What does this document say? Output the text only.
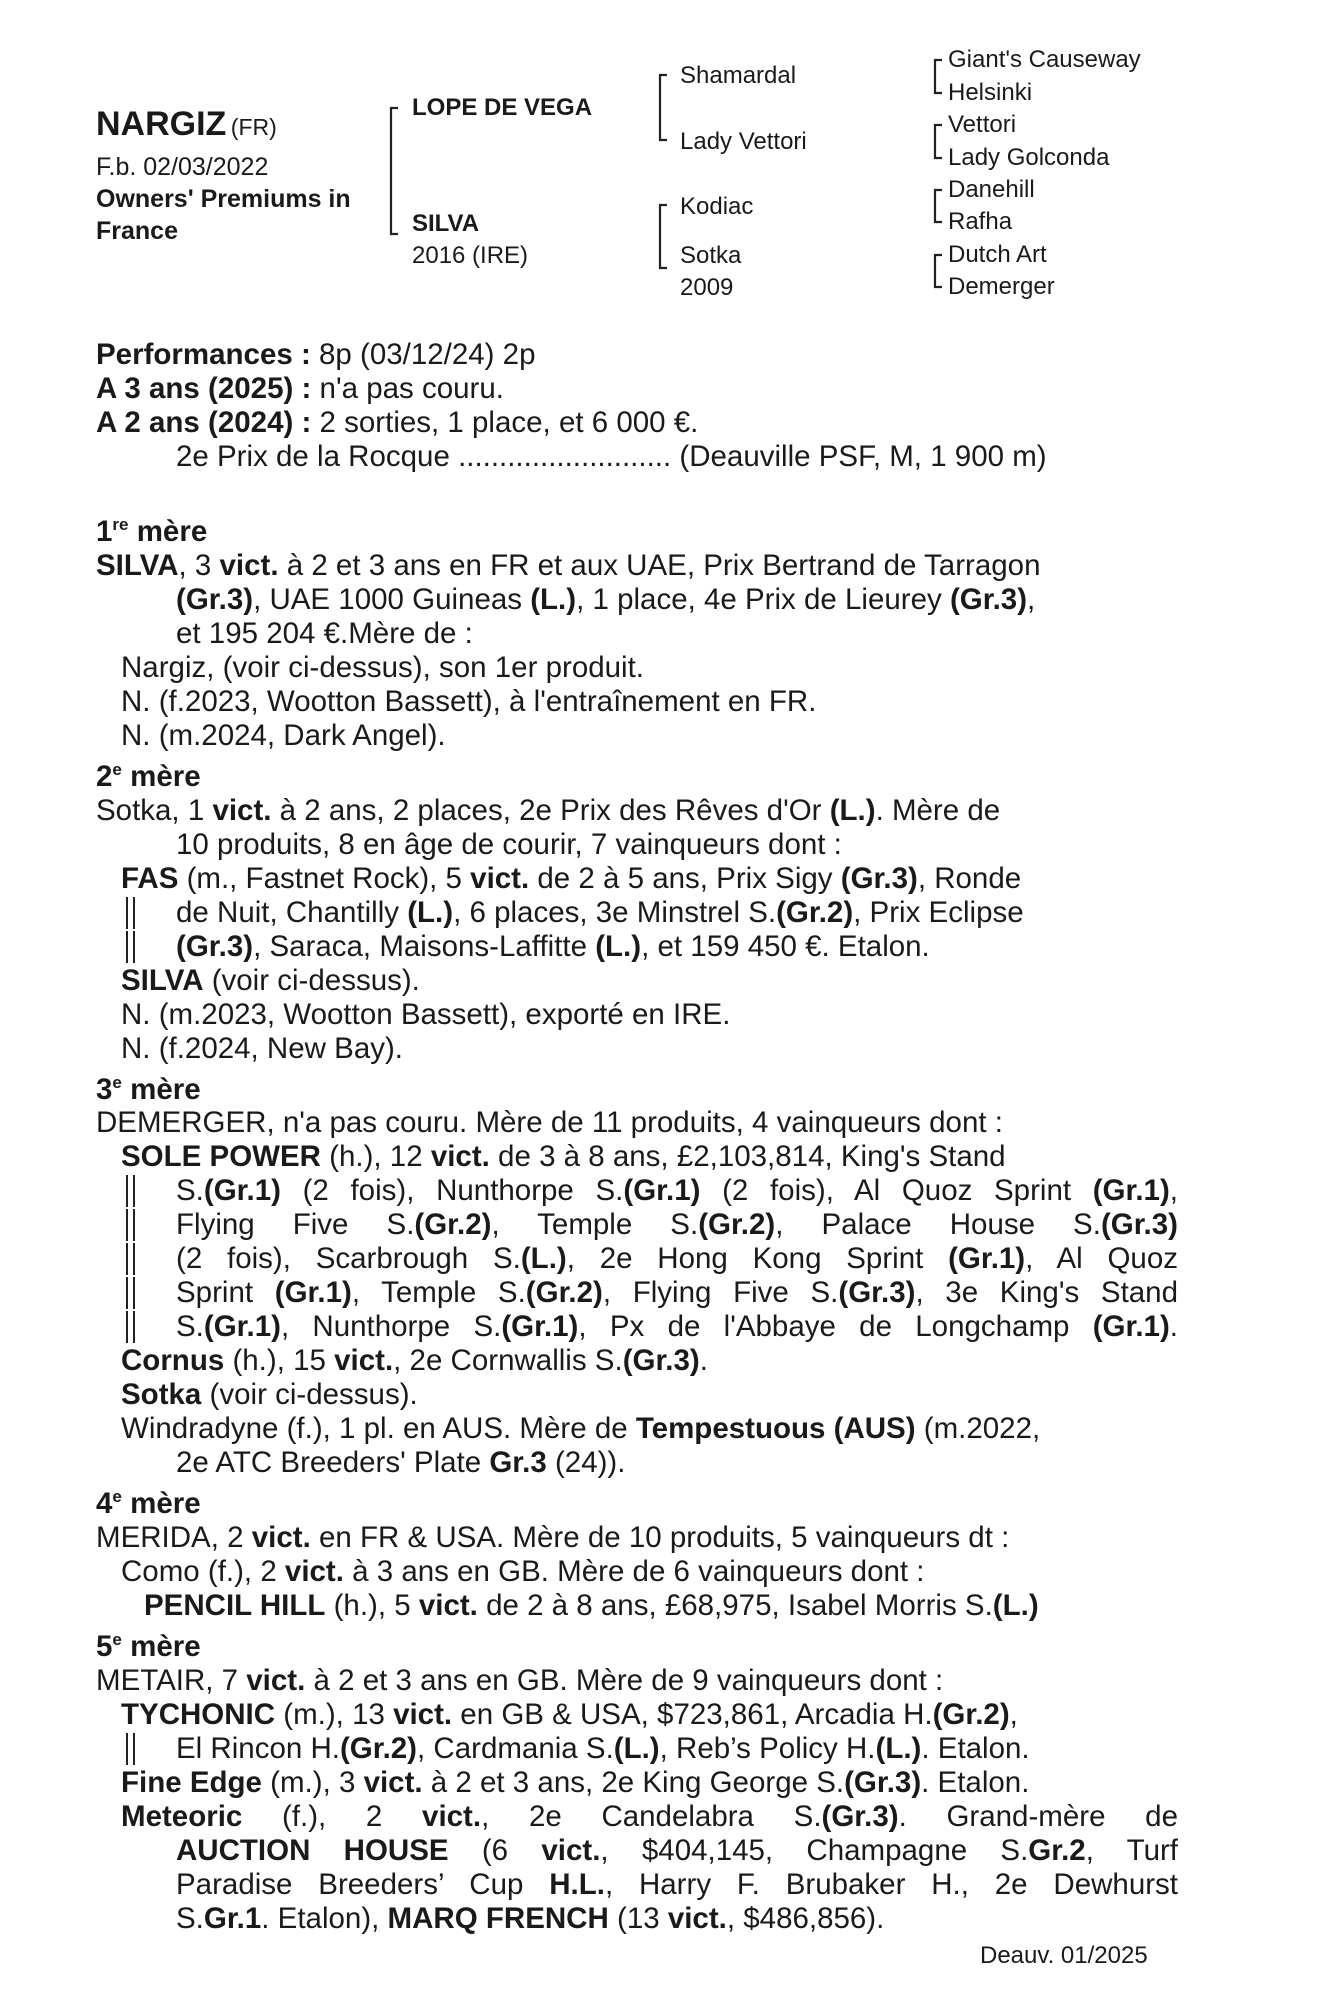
NARGIZ (FR)
F.b. 02/03/2022
Owners' Premiums in
France
LOPE DE VEGA
SILVA
2016 (IRE)
Shamardal
Lady Vettori
Kodiac
Sotka
2009
Giant's Causeway
Helsinki
Vettori
Lady Golconda
Danehill
Rafha
Dutch Art
Demerger
Performances : 8p (03/12/24) 2p
A 3 ans (2025) : n'a pas couru.
A 2 ans (2024) : 2 sorties, 1 place, et 6 000 €.
2e Prix de la Rocque .......................... (Deauville PSF, M, 1 900 m)
1re mère
SILVA, 3 vict. à 2 et 3 ans en FR et aux UAE, Prix Bertrand de Tarragon
(Gr.3), UAE 1000 Guineas (L.), 1 place, 4e Prix de Lieurey (Gr.3),
et 195 204 €.Mère de :
Nargiz, (voir ci-dessus), son 1er produit.
N. (f.2023, Wootton Bassett), à l'entraînement en FR.
N. (m.2024, Dark Angel).
2e mère
Sotka, 1 vict. à 2 ans, 2 places, 2e Prix des Rêves d'Or (L.). Mère de
10 produits, 8 en âge de courir, 7 vainqueurs dont :
FAS (m., Fastnet Rock), 5 vict. de 2 à 5 ans, Prix Sigy (Gr.3), Ronde
de Nuit, Chantilly (L.), 6 places, 3e Minstrel S.(Gr.2), Prix Eclipse
(Gr.3), Saraca, Maisons-Laffitte (L.), et 159 450 €. Etalon.
SILVA (voir ci-dessus).
N. (m.2023, Wootton Bassett), exporté en IRE.
N. (f.2024, New Bay).
3e mère
DEMERGER, n'a pas couru. Mère de 11 produits, 4 vainqueurs dont :
SOLE POWER (h.), 12 vict. de 3 à 8 ans, £2,103,814, King's Stand
S.(Gr.1) (2 fois), Nunthorpe S.(Gr.1) (2 fois), Al Quoz Sprint (Gr.1),
Flying Five S.(Gr.2), Temple S.(Gr.2), Palace House S.(Gr.3)
(2 fois), Scarbrough S.(L.), 2e Hong Kong Sprint (Gr.1), Al Quoz
Sprint (Gr.1), Temple S.(Gr.2), Flying Five S.(Gr.3), 3e King's Stand
S.(Gr.1), Nunthorpe S.(Gr.1), Px de l'Abbaye de Longchamp (Gr.1).
Cornus (h.), 15 vict., 2e Cornwallis S.(Gr.3).
Sotka (voir ci-dessus).
Windradyne (f.), 1 pl. en AUS. Mère de Tempestuous (AUS) (m.2022,
2e ATC Breeders' Plate Gr.3 (24)).
4e mère
MERIDA, 2 vict. en FR & USA. Mère de 10 produits, 5 vainqueurs dt :
Como (f.), 2 vict. à 3 ans en GB. Mère de 6 vainqueurs dont :
PENCIL HILL (h.), 5 vict. de 2 à 8 ans, £68,975, Isabel Morris S.(L.)
5e mère
METAIR, 7 vict. à 2 et 3 ans en GB. Mère de 9 vainqueurs dont :
TYCHONIC (m.), 13 vict. en GB & USA, $723,861, Arcadia H.(Gr.2),
El Rincon H.(Gr.2), Cardmania S.(L.), Reb’s Policy H.(L.). Etalon.
Fine Edge (m.), 3 vict. à 2 et 3 ans, 2e King George S.(Gr.3). Etalon.
Meteoric (f.), 2 vict., 2e Candelabra S.(Gr.3). Grand-mère de
AUCTION HOUSE (6 vict., $404,145, Champagne S.Gr.2, Turf
Paradise Breeders’ Cup H.L., Harry F. Brubaker H., 2e Dewhurst
S.Gr.1. Etalon), MARQ FRENCH (13 vict., $486,856).
Deauv. 01/2025
